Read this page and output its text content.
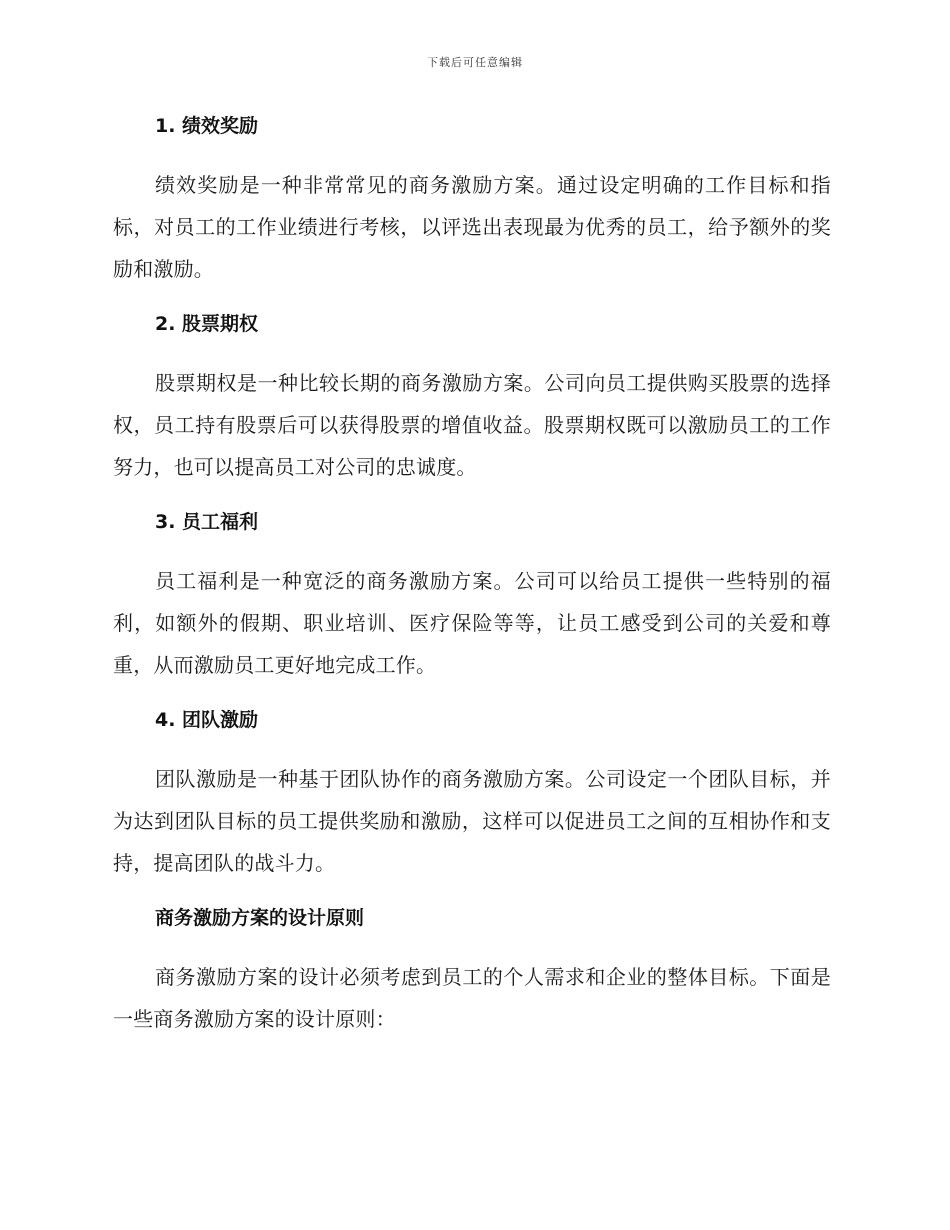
下载后可任意编辑
1. 绩效奖励

绩效奖励是一种非常常见的商务激励方案。通过设定明确的工作目标和指标，对员工的工作业绩进行考核，以评选出表现最为优秀的员工，给予额外的奖励和激励。

2. 股票期权

股票期权是一种比较长期的商务激励方案。公司向员工提供购买股票的选择权，员工持有股票后可以获得股票的增值收益。股票期权既可以激励员工的工作努力，也可以提高员工对公司的忠诚度。

3. 员工福利

员工福利是一种宽泛的商务激励方案。公司可以给员工提供一些特别的福利，如额外的假期、职业培训、医疗保险等等，让员工感受到公司的关爱和尊重，从而激励员工更好地完成工作。

4. 团队激励

团队激励是一种基于团队协作的商务激励方案。公司设定一个团队目标，并为达到团队目标的员工提供奖励和激励，这样可以促进员工之间的互相协作和支持，提高团队的战斗力。

商务激励方案的设计原则

商务激励方案的设计必须考虑到员工的个人需求和企业的整体目标。下面是一些商务激励方案的设计原则：
